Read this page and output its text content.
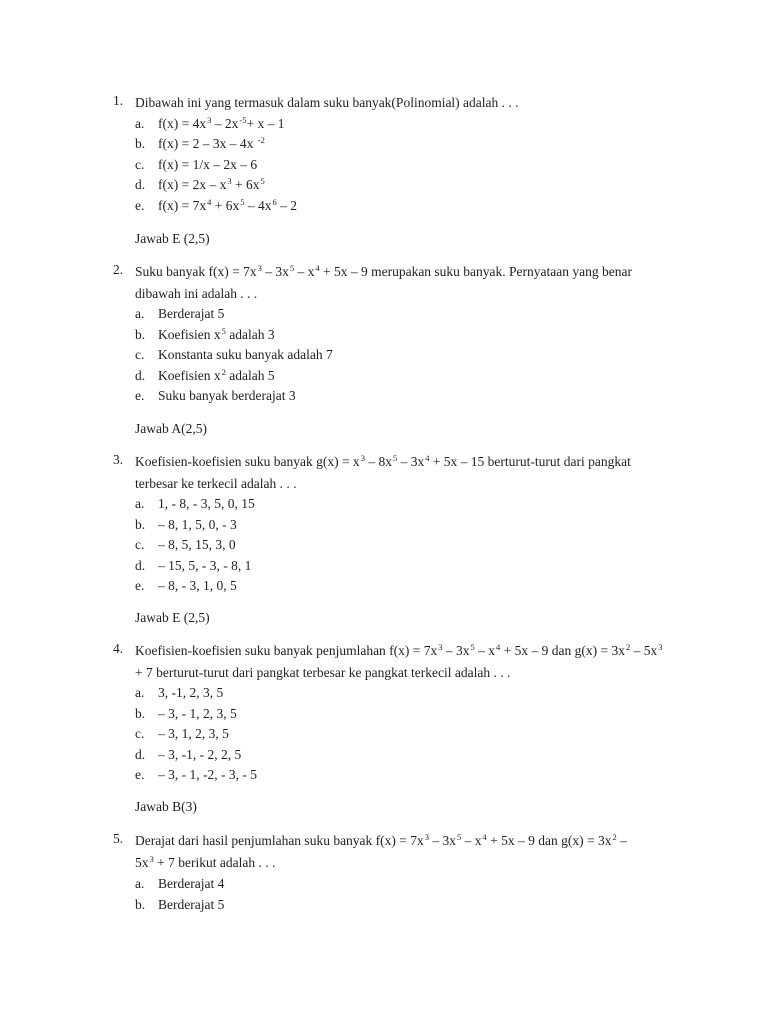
1. Dibawah ini yang termasuk dalam suku banyak(Polinomial) adalah . . .
a.	$f(x) = 4x^3 - 2x^{-5}+ x - 1$
b. f(x) = 2 – 3x – 4x $^{-2}$
c.	f(x) = 1/x – 2x – 6
d. $f(x) = 2x - x^3 + 6x^5$
e.	$f(x) = 7x^4 + 6x^5 - 4x^6 - 2$
Jawab E (2,5)
2. Suku banyak $f(x) = 7x^3 - 3x^5 - x^4 + 5x - 9$ merupakan suku banyak. Pernyataan yang benar dibawah ini adalah . . .
a.	Berderajat 5
b. Koefisien $x^5$ adalah 3
c.	Konstanta suku banyak adalah 7
d. Koefisien $x^2$ adalah 5
e.	Suku banyak berderajat 3
Jawab A(2,5)
3. Koefisien-koefisien suku banyak $g(x) = x^3 - 8x^5 - 3x^4 + 5x - 15$ berturut-turut dari pangkat terbesar ke terkecil adalah . . .
a.	1, - 8, - 3, 5, 0, 15
b. – 8, 1, 5, 0, - 3
c.	– 8, 5, 15, 3, 0
d. – 15, 5, - 3, - 8, 1
e.	– 8, - 3, 1, 0, 5
Jawab E (2,5)
4. Koefisien-koefisien suku banyak penjumlahan $f(x) = 7x^3 - 3x^5 - x^4 + 5x - 9$ dan $g(x) = 3x^2 - 5x^3 + 7$ berturut-turut dari pangkat terbesar ke pangkat terkecil adalah . . .
a.	3, -1, 2, 3, 5
b. – 3, - 1, 2, 3, 5
c.	– 3, 1, 2, 3, 5
d. – 3, -1, - 2, 2, 5
e.	– 3, - 1, -2, - 3, - 5
Jawab B(3)
5. Derajat dari hasil penjumlahan suku banyak $f(x) = 7x^3 - 3x^5 - x^4 + 5x - 9$ dan $g(x) = 3x^2 - 5x^3 + 7$ berikut adalah . . .
a.	Berderajat 4
b. Berderajat 5
